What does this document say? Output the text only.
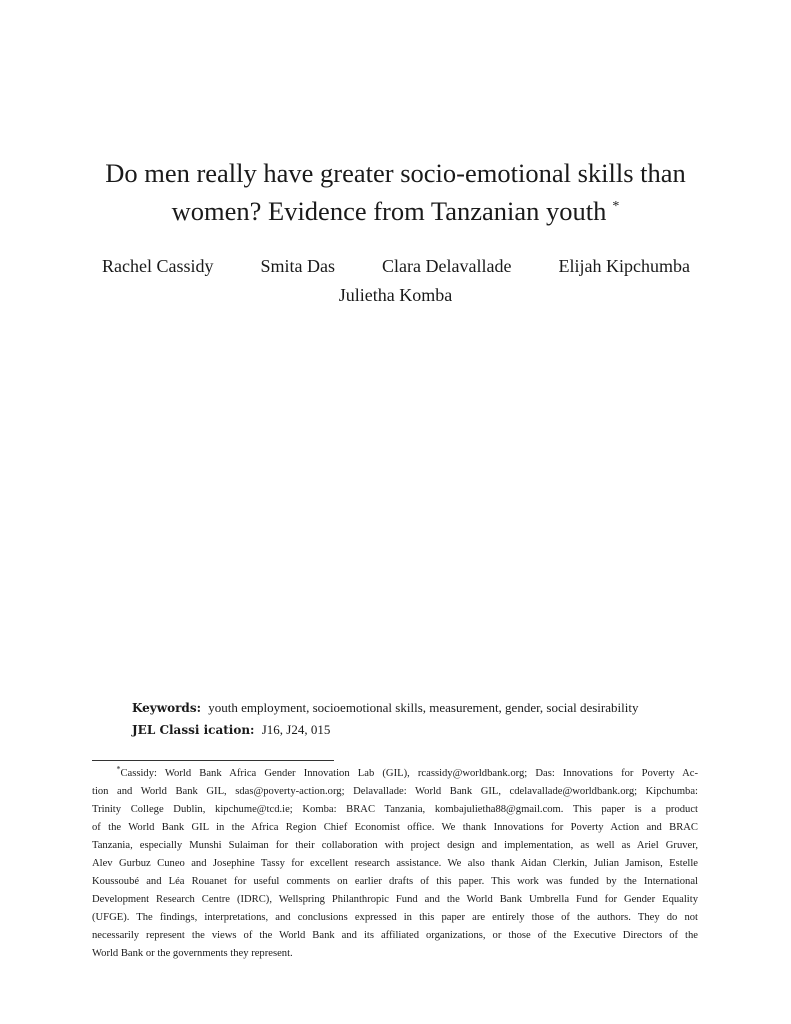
Do men really have greater socio-emotional skills than
women? Evidence from Tanzanian youth *
Rachel Cassidy	Smita Das	Clara Delavallade	Elijah Kipchumba
Julietha Komba
Keywords: youth employment, socioemotional skills, measurement, gender, social desirability
JEL Classi ication: J16, J24, 015
*Cassidy: World Bank Africa Gender Innovation Lab (GIL), rcassidy@worldbank.org; Das: Innovations for Poverty Ac-
tion and World Bank GIL, sdas@poverty-action.org; Delavallade: World Bank GIL, cdelavallade@worldbank.org; Kipchumba:
Trinity College Dublin, kipchume@tcd.ie; Komba: BRAC Tanzania, kombajulietha88@gmail.com. This paper is a product
of the World Bank GIL in the Africa Region Chief Economist office. We thank Innovations for Poverty Action and BRAC
Tanzania, especially Munshi Sulaiman for their collaboration with project design and implementation, as well as Ariel Gruver,
Alev Gurbuz Cuneo and Josephine Tassy for excellent research assistance. We also thank Aidan Clerkin, Julian Jamison, Estelle
Koussoubé and Léa Rouanet for useful comments on earlier drafts of this paper. This work was funded by the International
Development Research Centre (IDRC), Wellspring Philanthropic Fund and the World Bank Umbrella Fund for Gender Equality
(UFGE). The findings, interpretations, and conclusions expressed in this paper are entirely those of the authors. They do not
necessarily represent the views of the World Bank and its affiliated organizations, or those of the Executive Directors of the
World Bank or the governments they represent.
